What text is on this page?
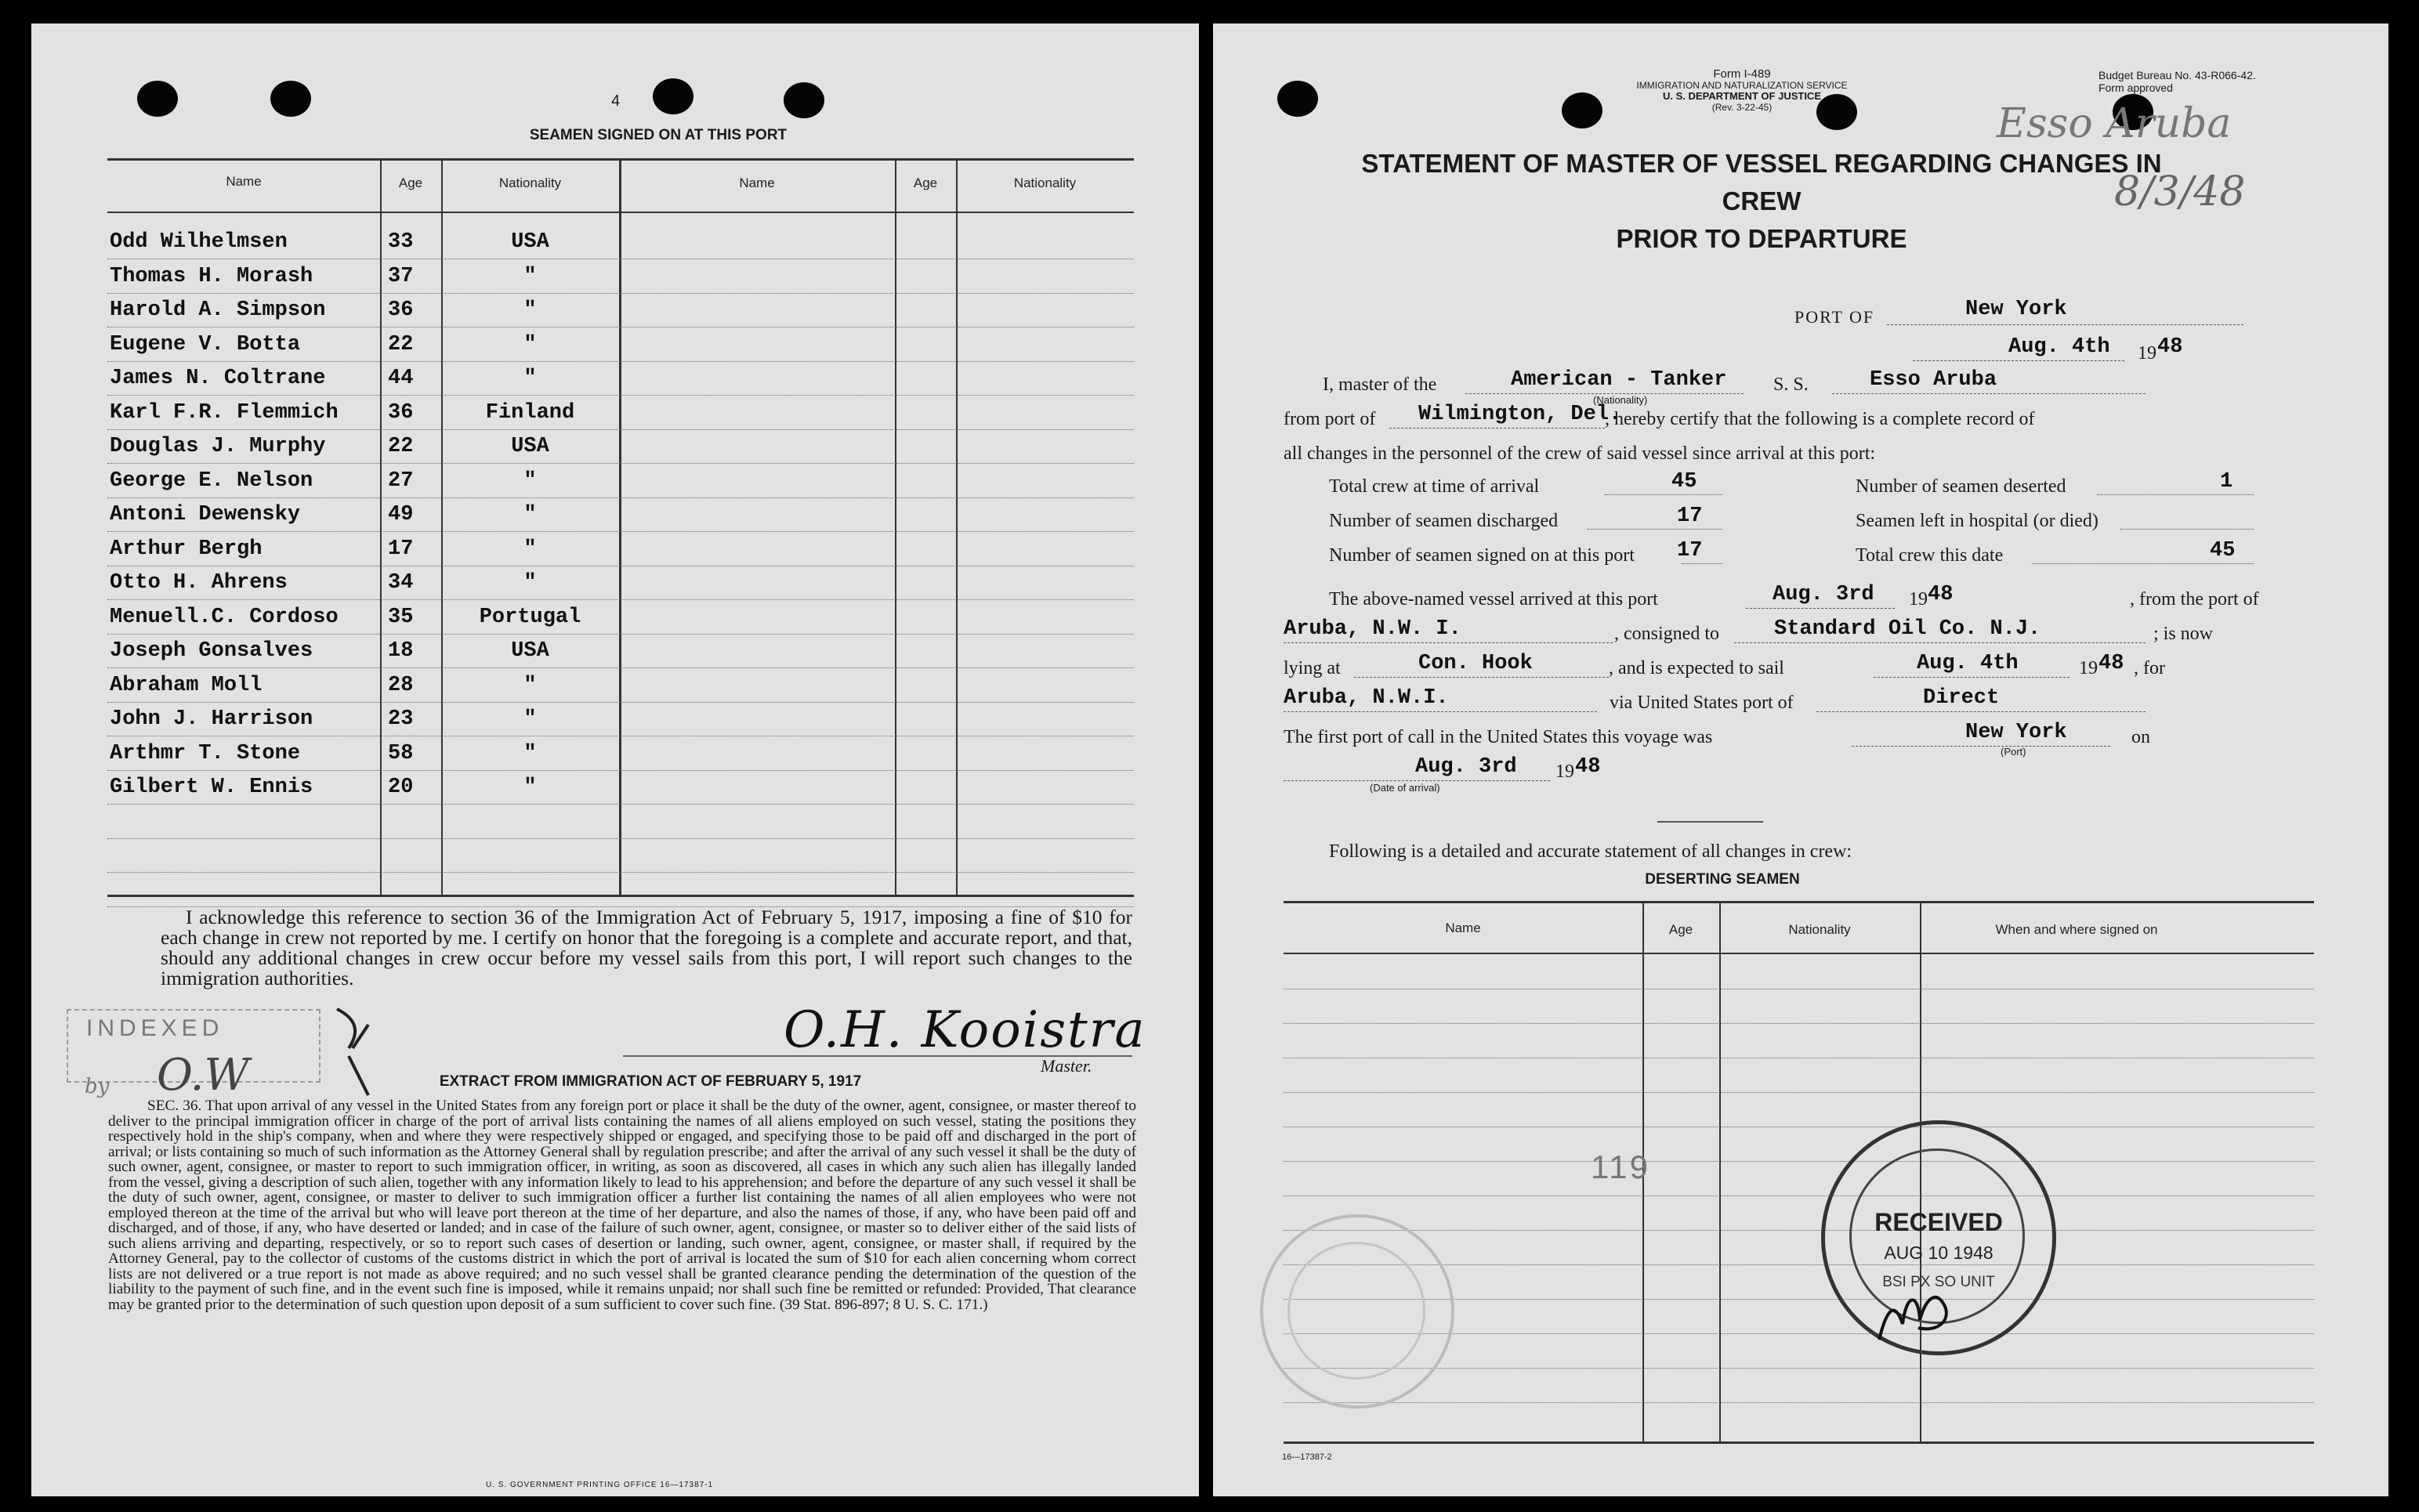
4
SEAMEN SIGNED ON AT THIS PORT
Name	Age	Nationality	Name	Age	Nationality
Odd Wilhelmsen	33	USA
Thomas H. Morash	37	"
Harold A. Simpson	36	"
Eugene V. Botta	22	"
James N. Coltrane	44	"
Karl F.R. Flemmich	36	Finland
Douglas J. Murphy	22	USA
George E. Nelson	27	"
Antoni Dewensky	49	"
Arthur Bergh	17	"
Otto H. Ahrens	34	"
Menuell.C. Cordoso	35	Portugal
Joseph Gonsalves	18	USA
Abraham Moll	28	"
John J. Harrison	23	"
Arthmr T. Stone	58	"
Gilbert W. Ennis	20	"
I acknowledge this reference to section 36 of the Immigration Act of February 5, 1917, imposing a fine of $10 for each change in crew not reported by me. I certify on honor that the foregoing is a complete and accurate report, and that, should any additional changes in crew occur before my vessel sails from this port, I will report such changes to the immigration authorities.
INDEXED
by O.W
O.H. Kooistra
Master.
EXTRACT FROM IMMIGRATION ACT OF FEBRUARY 5, 1917
SEC. 36. That upon arrival of any vessel in the United States from any foreign port or place it shall be the duty of the owner, agent, consignee, or master thereof to deliver to the principal immigration officer in charge of the port of arrival lists containing the names of all aliens employed on such vessel, stating the positions they respectively hold in the ship's company, when and where they were respectively shipped or engaged, and specifying those to be paid off and discharged in the port of arrival; or lists containing so much of such information as the Attorney General shall by regulation prescribe; and after the arrival of any such vessel it shall be the duty of such owner, agent, consignee, or master to report to such immigration officer, in writing, as soon as discovered, all cases in which any such alien has illegally landed from the vessel, giving a description of such alien, together with any information likely to lead to his apprehension; and before the departure of any such vessel it shall be the duty of such owner, agent, consignee, or master to deliver to such immigration officer a further list containing the names of all alien employees who were not employed thereon at the time of the arrival but who will leave port thereon at the time of her departure, and also the names of those, if any, who have been paid off and discharged, and of those, if any, who have deserted or landed; and in case of the failure of such owner, agent, consignee, or master so to deliver either of the said lists of such aliens arriving and departing, respectively, or so to report such cases of desertion or landing, such owner, agent, consignee, or master shall, if required by the Attorney General, pay to the collector of customs of the customs district in which the port of arrival is located the sum of $10 for each alien concerning whom correct lists are not delivered or a true report is not made as above required; and no such vessel shall be granted clearance pending the determination of the question of the liability to the payment of such fine, and in the event such fine is imposed, while it remains unpaid; nor shall such fine be remitted or refunded: Provided, That clearance may be granted prior to the determination of such question upon deposit of a sum sufficient to cover such fine. (39 Stat. 896-897; 8 U. S. C. 171.)
U. S. GOVERNMENT PRINTING OFFICE 16—17387-1
Form I-489
IMMIGRATION AND NATURALIZATION SERVICE
U. S. DEPARTMENT OF JUSTICE
(Rev. 3-22-45)
Budget Bureau No. 43-R066-42.
Form approved
Esso Aruba
8/3/48
STATEMENT OF MASTER OF VESSEL REGARDING CHANGES IN CREW
PRIOR TO DEPARTURE
PORT OF	New York
Aug. 4th 19 48
I, master of the	American - Tanker
(Nationality)
S. S.	Esso Aruba
from port of Wilmington, Del.
, hereby certify that the following is a complete record of
all changes in the personnel of the crew of said vessel since arrival at this port:
Total crew at time of arrival	45
Number of seamen discharged	17
Number of seamen signed on at this port 17
Number of seamen deserted	1
Seamen left in hospital (or died)
Total crew this date	45
The above-named vessel arrived at this port	Aug. 3rd 19 48	, from the port of
Aruba, N.W. I.	, consigned to	Standard Oil Co. N.J.	; is now
lying at	Con. Hook	, and is expected to sail	Aug. 4th	19 48 , for
Aruba, N.W.I.	via United States port of	Direct
The first port of call in the United States this voyage was	New York
(Port)
on
Aug. 3rd
(Date of arrival)
19 48
Following is a detailed and accurate statement of all changes in crew:
DESERTING SEAMEN
Name	Age	Nationality	When and where signed on
119
RECEIVED
AUG 10 1948
BSI PX SO UNIT
16—17387-2
